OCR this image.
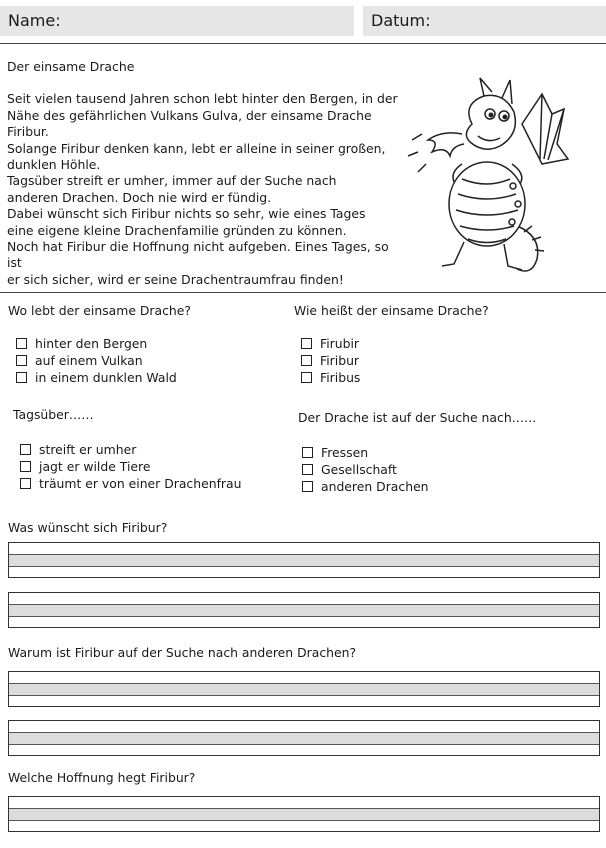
Name:	Datum:

Der einsame Drache

Seit vielen tausend Jahren schon lebt hinter den Bergen, in der

Nähe des gefährlichen Vulkans Gulva, der einsame Drache Firibur.

Solange Firibur denken kann, lebt er alleine in seiner großen,

dunklen Höhle.

Tagsüber streift er umher, immer auf der Suche nach

anderen Drachen. Doch nie wird er fündig.

Dabei wünscht sich Firibur nichts so sehr, wie eines Tages

eine eigene kleine Drachenfamilie gründen zu können.

Noch hat Firibur die Hoffnung nicht aufgeben. Eines Tages, so ist

er sich sicher, wird er seine Drachentraumfrau finden!

Wo lebt der einsame Drache?
hinter den Bergen
auf einem Vulkan
in einem dunklen Wald
Wie heißt der einsame Drache?
Firubir
Firibur
Firibus
Tagsüber……
streift er umher
jagt er wilde Tiere
träumt er von einer Drachenfrau
Der Drache ist auf der Suche nach……
Fressen
Gesellschaft
anderen Drachen
Was wünscht sich Firibur?
Warum ist Firibur auf der Suche nach anderen Drachen?
Welche Hoffnung hegt Firibur?
